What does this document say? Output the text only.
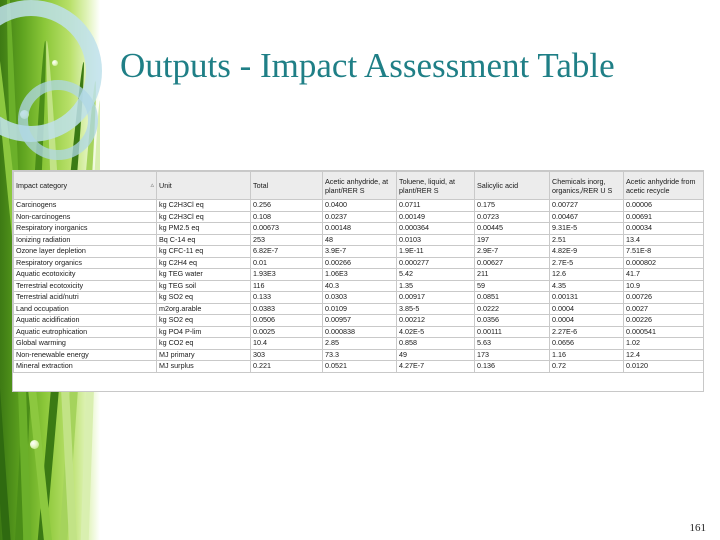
Outputs - Impact Assessment Table
Impact category ▵	Unit	Total	Acetic anhydride, at plant/RER S	Toluene, liquid, at plant/RER S	Salicylic acid	Chemicals inorg, organics,/RER U S	Acetic anhydride from acetic recycle
Carcinogens	kg C2H3Cl eq	0.256	0.0400	0.0711	0.175	0.00727	0.00006
Non-carcinogens	kg C2H3Cl eq	0.108	0.0237	0.00149	0.0723	0.00467	0.00691
Respiratory inorganics	kg PM2.5 eq	0.00673	0.00148	0.000364	0.00445	9.31E-5	0.00034
Ionizing radiation	Bq C-14 eq	253	48	0.0103	197	2.51	13.4
Ozone layer depletion	kg CFC-11 eq	6.82E-7	3.9E-7	1.9E-11	2.9E-7	4.82E-9	7.51E-8
Respiratory organics	kg C2H4 eq	0.01	0.00266	0.000277	0.00627	2.7E-5	0.000802
Aquatic ecotoxicity	kg TEG water	1.93E3	1.06E3	5.42	211	12.6	41.7
Terrestrial ecotoxicity	kg TEG soil	116	40.3	1.35	59	4.35	10.9
Terrestrial acid/nutri	kg SO2 eq	0.133	0.0303	0.00917	0.0851	0.00131	0.00726
Land occupation	m2org.arable	0.0383	0.0109	3.85-5	0.0222	0.0004	0.0027
Aquatic acidification	kg SO2 eq	0.0506	0.00957	0.00212	0.0356	0.0004	0.00226
Aquatic eutrophication	kg PO4 P-lim	0.0025	0.000838	4.02E-5	0.00111	2.27E-6	0.000541
Global warming	kg CO2 eq	10.4	2.85	0.858	5.63	0.0656	1.02
Non-renewable energy	MJ primary	303	73.3	49	173	1.16	12.4
Mineral extraction	MJ surplus	0.221	0.0521	4.27E-7	0.136	0.72	0.0120
161
